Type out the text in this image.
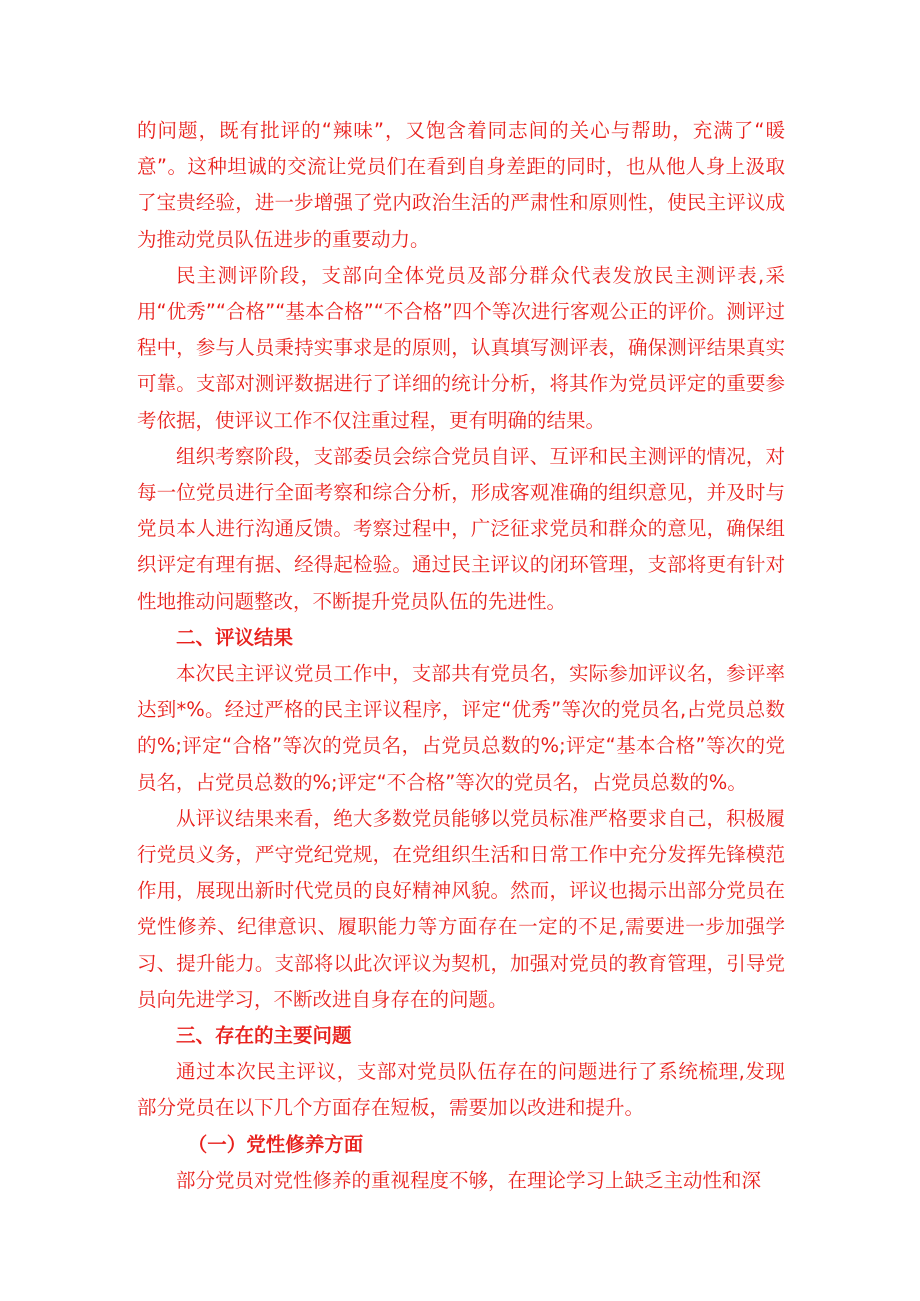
的问题，既有批评的“辣味”，又饱含着同志间的关心与帮助，充满了“暖意”。这种坦诚的交流让党员们在看到自身差距的同时，也从他人身上汲取了宝贵经验，进一步增强了党内政治生活的严肃性和原则性，使民主评议成为推动党员队伍进步的重要动力。

民主测评阶段，支部向全体党员及部分群众代表发放民主测评表,采用“优秀”“合格”“基本合格”“不合格”四个等次进行客观公正的评价。测评过程中，参与人员秉持实事求是的原则，认真填写测评表，确保测评结果真实可靠。支部对测评数据进行了详细的统计分析，将其作为党员评定的重要参考依据，使评议工作不仅注重过程，更有明确的结果。

组织考察阶段，支部委员会综合党员自评、互评和民主测评的情况，对每一位党员进行全面考察和综合分析，形成客观准确的组织意见，并及时与党员本人进行沟通反馈。考察过程中，广泛征求党员和群众的意见，确保组织评定有理有据、经得起检验。通过民主评议的闭环管理，支部将更有针对性地推动问题整改，不断提升党员队伍的先进性。

二、评议结果

本次民主评议党员工作中，支部共有党员名，实际参加评议名，参评率达到*%。经过严格的民主评议程序，评定“优秀”等次的党员名,占党员总数的%;评定“合格”等次的党员名，占党员总数的%;评定“基本合格”等次的党员名，占党员总数的%;评定“不合格”等次的党员名，占党员总数的%。

从评议结果来看，绝大多数党员能够以党员标准严格要求自己，积极履行党员义务，严守党纪党规，在党组织生活和日常工作中充分发挥先锋模范作用，展现出新时代党员的良好精神风貌。然而，评议也揭示出部分党员在党性修养、纪律意识、履职能力等方面存在一定的不足,需要进一步加强学习、提升能力。支部将以此次评议为契机，加强对党员的教育管理，引导党员向先进学习，不断改进自身存在的问题。

三、存在的主要问题

通过本次民主评议，支部对党员队伍存在的问题进行了系统梳理,发现部分党员在以下几个方面存在短板，需要加以改进和提升。

（一）党性修养方面

部分党员对党性修养的重视程度不够，在理论学习上缺乏主动性和深
